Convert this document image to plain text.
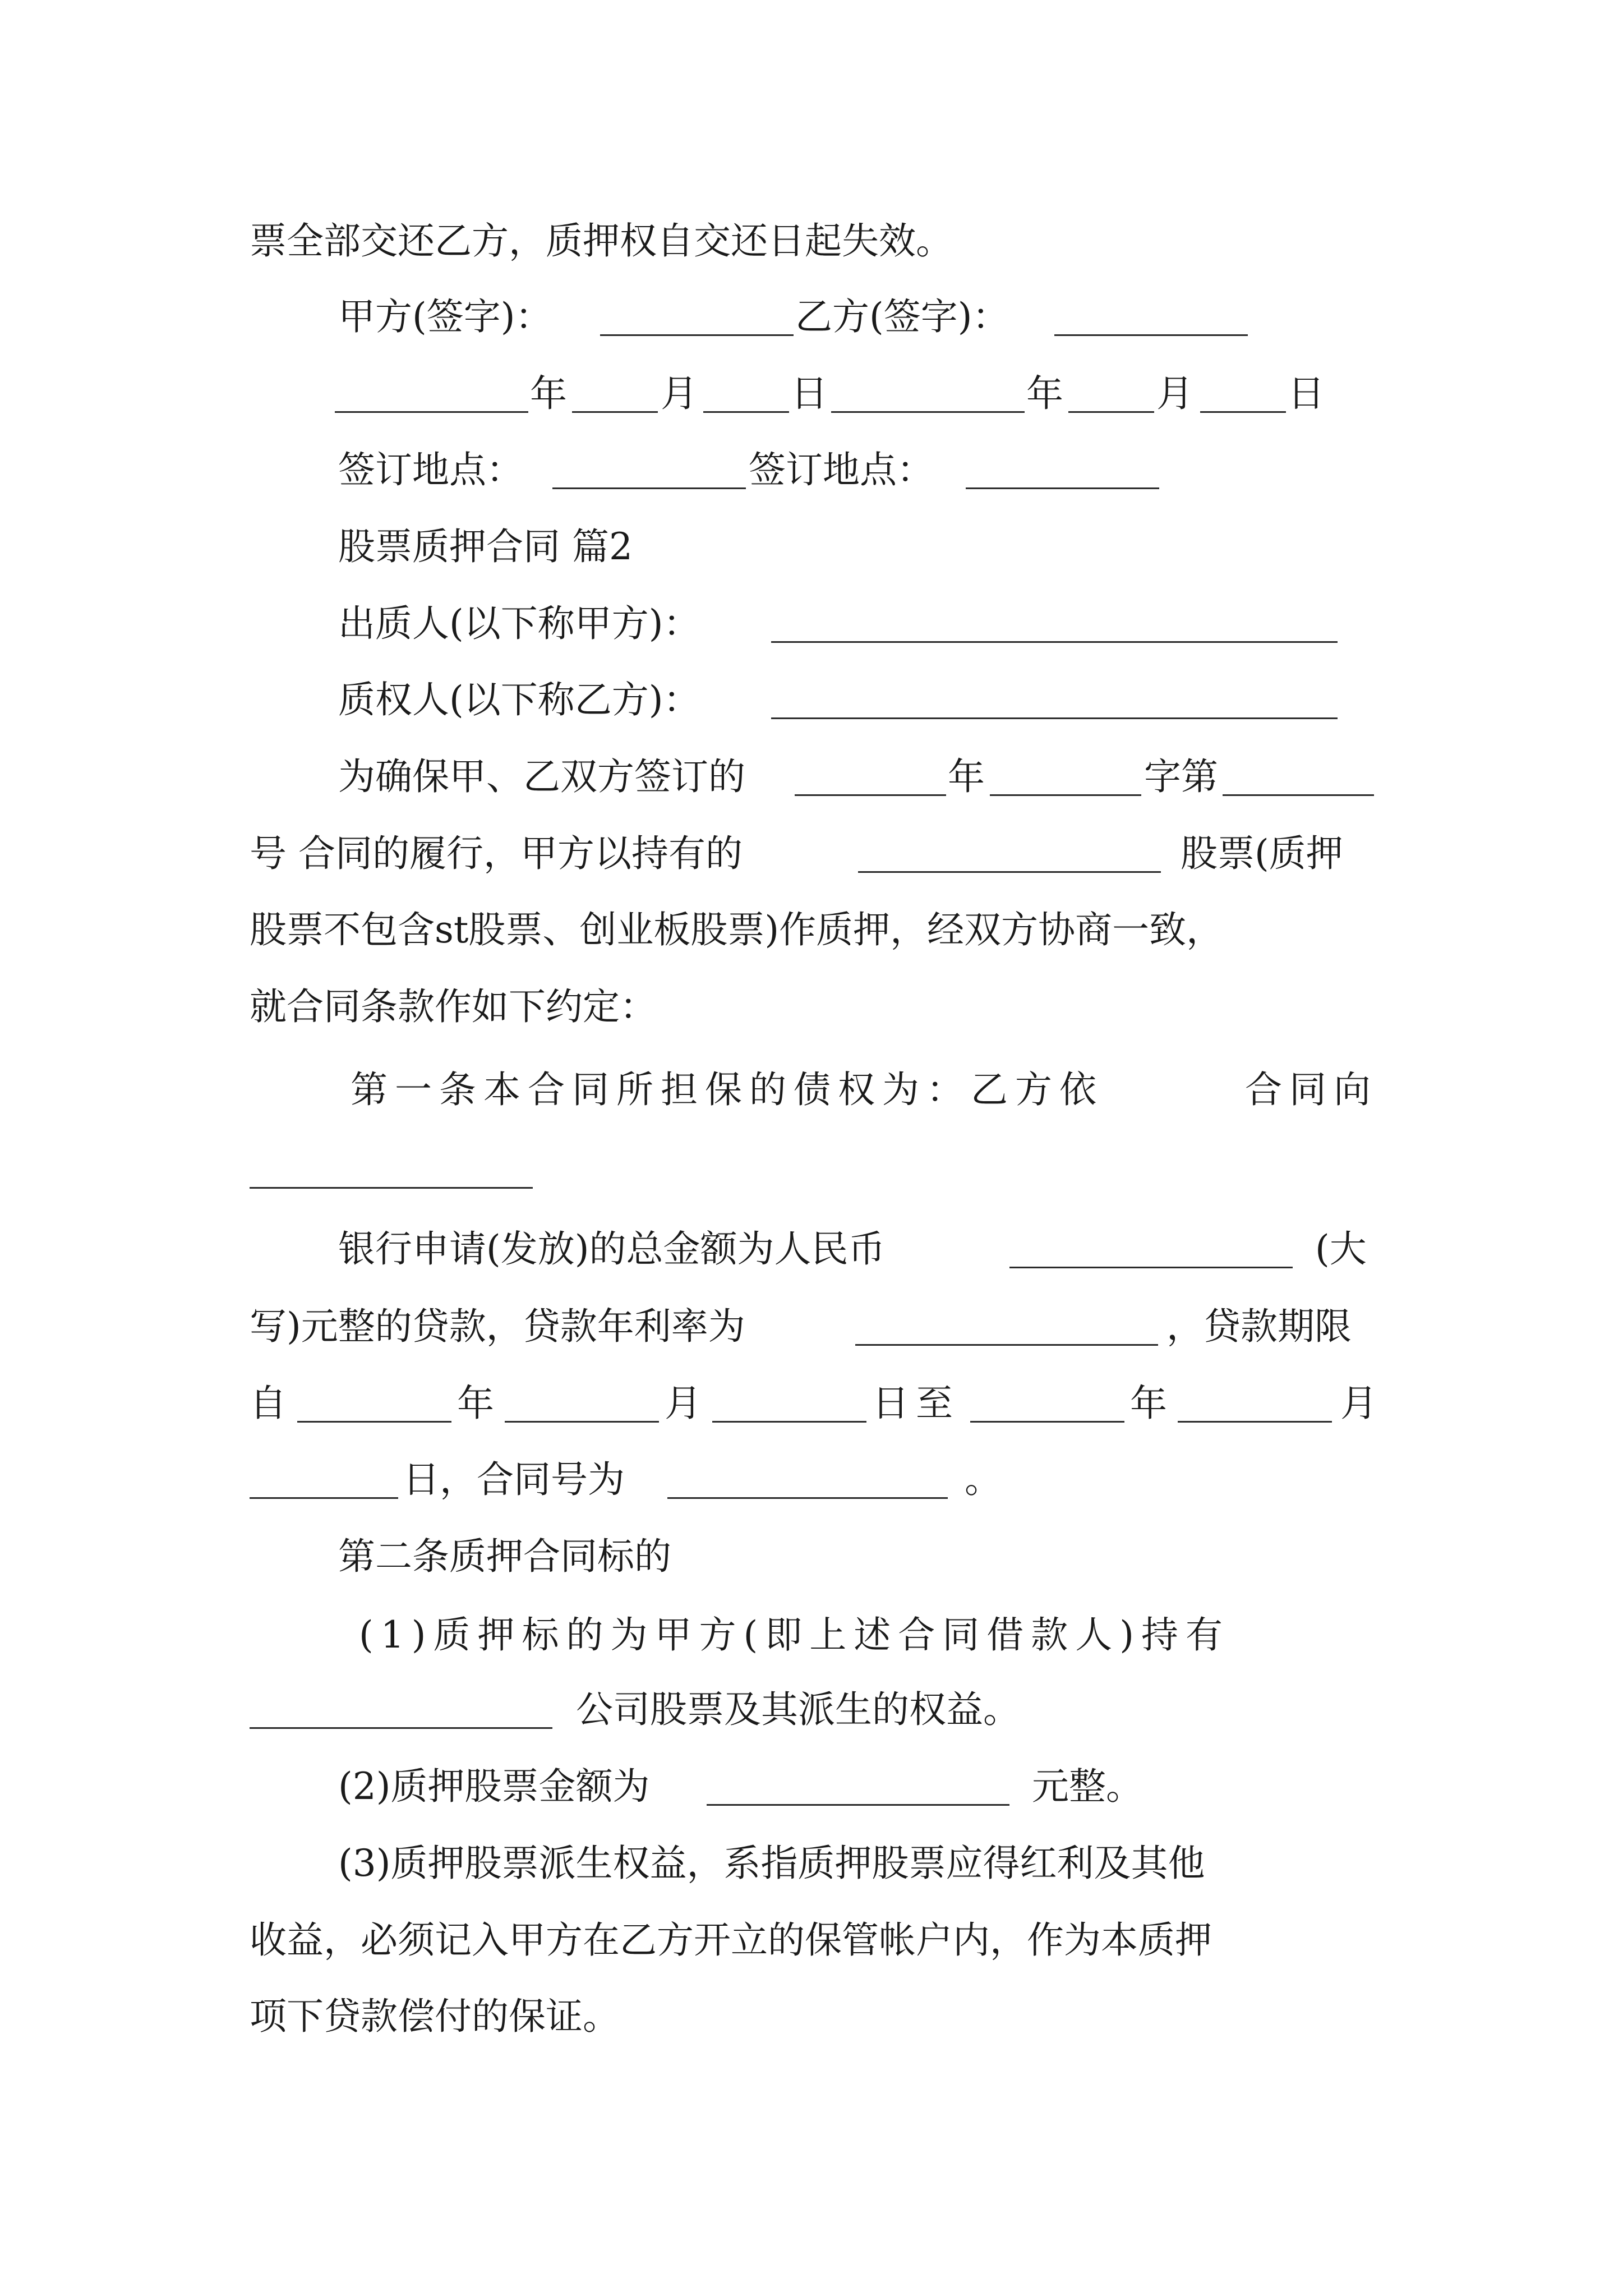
票全部交还乙方，质押权自交还日起失效。
甲方(签字)：	乙方(签字)：
年	月	日	年	月	日
签订地点：	签订地点：
股票质押合同 篇2
出质人(以下称甲方)：
质权人(以下称乙方)：
为确保甲、乙双方签订的	年	字第
号 合同的履行，甲方以持有的	股票(质押
股票不包含st股票、创业板股票)作质押，经双方协商一致，
就合同条款作如下约定：
第一条本合同所担保的债权为：乙方依	合同向
银行申请(发放)的总金额为人民币	(大
写)元整的贷款，贷款年利率为	，贷款期限
自	年	月	日至	年	月
日，合同号为	。
第二条质押合同标的
(1)质押标的为甲方(即上述合同借款人)持有
公司股票及其派生的权益。
(2)质押股票金额为	元整。
(3)质押股票派生权益，系指质押股票应得红利及其他
收益，必须记入甲方在乙方开立的保管帐户内，作为本质押
项下贷款偿付的保证。
